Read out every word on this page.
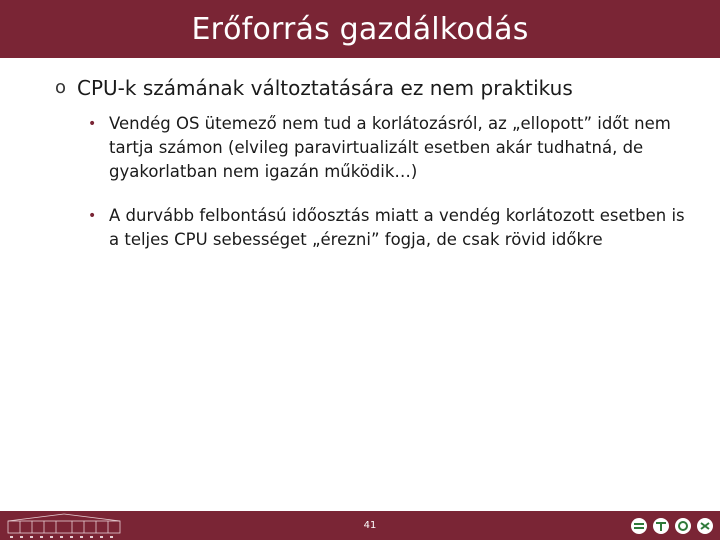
Erőforrás gazdálkodás
o CPU-k számának változtatására ez nem praktikus
• Vendég OS ütemező nem tud a korlátozásról, az „ellopott” időt nem tartja számon (elvileg paravirtualizált esetben akár tudhatná, de gyakorlatban nem igazán működik…)
• A durvább felbontású időosztás miatt a vendég korlátozott esetben is a teljes CPU sebességet „érezni” fogja, de csak rövid időkre
41
